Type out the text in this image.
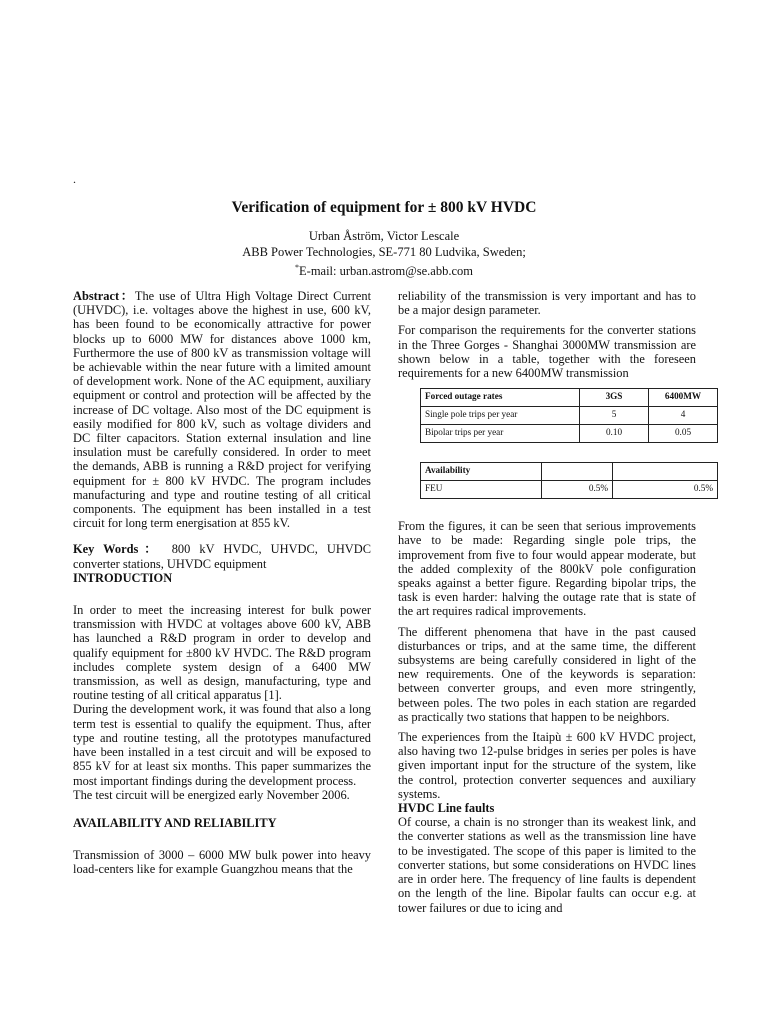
.
Verification of equipment for ± 800 kV HVDC
Urban Åström, Victor Lescale
ABB Power Technologies, SE-771 80 Ludvika, Sweden;
*E-mail: urban.astrom@se.abb.com

Abstract：The use of Ultra High Voltage Direct Current (UHVDC), i.e. voltages above the highest in use, 600 kV, has been found to be economically attractive for power blocks up to 6000 MW for distances above 1000 km, Furthermore the use of 800 kV as transmission voltage will be achievable within the near future with a limited amount of development work. None of the AC equipment, auxiliary equipment or control and protection will be affected by the increase of DC voltage. Also most of the DC equipment is easily modified for 800 kV, such as voltage dividers and DC filter capacitors. Station external insulation and line insulation must be carefully considered. In order to meet the demands, ABB is running a R&D project for verifying equipment for ± 800 kV HVDC. The program includes manufacturing and type and routine testing of all critical components. The equipment has been installed in a test circuit for long term energisation at 855 kV.

Key Words： 800 kV HVDC, UHVDC, UHVDC converter stations, UHVDC equipment

INTRODUCTION

In order to meet the increasing interest for bulk power transmission with HVDC at voltages above 600 kV, ABB has launched a R&D program in order to develop and qualify equipment for ±800 kV HVDC. The R&D program includes complete system design of a 6400 MW transmission, as well as design, manufacturing, type and routine testing of all critical apparatus [1].

During the development work, it was found that also a long term test is essential to qualify the equipment. Thus, after type and routine testing, all the prototypes manufactured have been installed in a test circuit and will be exposed to 855 kV for at least six months. This paper summarizes the most important findings during the development process.

The test circuit will be energized early November 2006.

AVAILABILITY AND RELIABILITY

Transmission of 3000 – 6000 MW bulk power into heavy load-centers like for example Guangzhou means that the

reliability of the transmission is very important and has to be a major design parameter.

For comparison the requirements for the converter stations in the Three Gorges - Shanghai 3000MW transmission are shown below in a table, together with the foreseen requirements for a new 6400MW transmission

Forced outage rates	3GS	6400MW
Single pole trips per year	5	4
Bipolar trips per year	0.10	0.05
Availability		
FEU	0.5%	0.5%

From the figures, it can be seen that serious improvements have to be made: Regarding single pole trips, the improvement from five to four would appear moderate, but the added complexity of the 800kV pole configuration speaks against a better figure. Regarding bipolar trips, the task is even harder: halving the outage rate that is state of the art requires radical improvements.

The different phenomena that have in the past caused disturbances or trips, and at the same time, the different subsystems are being carefully considered in light of the new requirements. One of the keywords is separation: between converter groups, and even more stringently, between poles. The two poles in each station are regarded as practically two stations that happen to be neighbors.

The experiences from the Itaipù ± 600 kV HVDC project, also having two 12-pulse bridges in series per poles is have given important input for the structure of the system, like the control, protection converter sequences and auxiliary systems.

HVDC Line faults

Of course, a chain is no stronger than its weakest link, and the converter stations as well as the transmission line have to be investigated. The scope of this paper is limited to the converter stations, but some considerations on HVDC lines are in order here. The frequency of line faults is dependent on the length of the line. Bipolar faults can occur e.g. at tower failures or due to icing and
